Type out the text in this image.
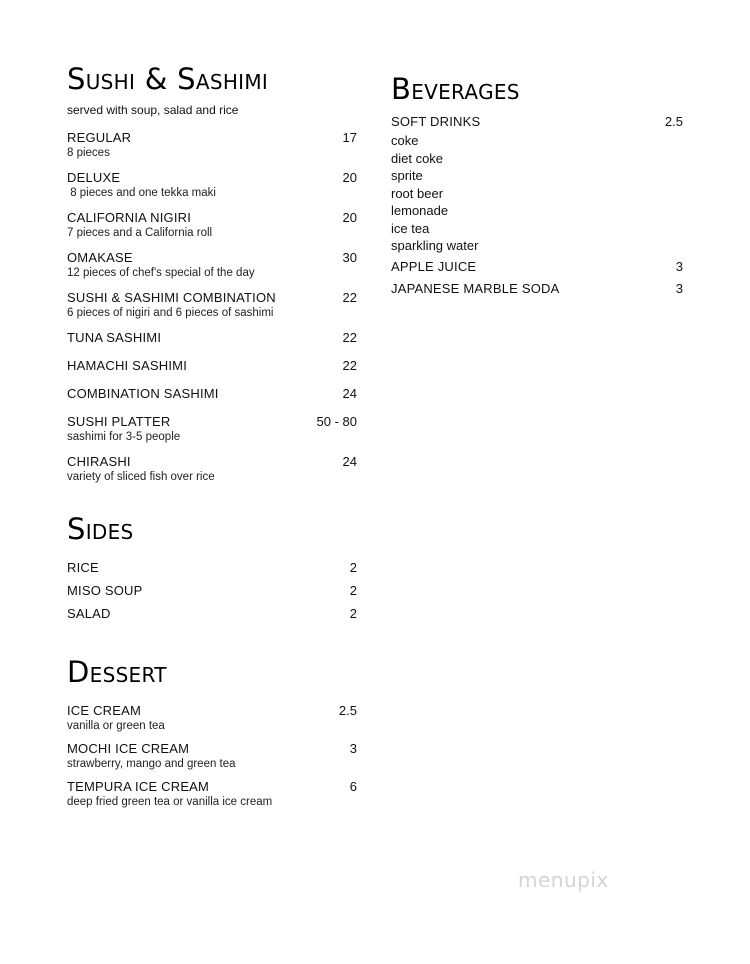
Sushi & Sashimi
served with soup, salad and rice
REGULAR	17
8 pieces
DELUXE	20
8 pieces and one tekka maki
CALIFORNIA NIGIRI	20
7 pieces and a California roll
OMAKASE	30
12 pieces of chef's special of the day
SUSHI & SASHIMI COMBINATION	22
6 pieces of nigiri and 6 pieces of sashimi
TUNA SASHIMI	22
HAMACHI SASHIMI	22
COMBINATION SASHIMI	24
SUSHI PLATTER	50 - 80
sashimi for 3-5 people
CHIRASHI	24
variety of sliced fish over rice
Sides
RICE	2
MISO SOUP	2
SALAD	2
Dessert
ICE CREAM	2.5
vanilla or green tea
MOCHI ICE CREAM	3
strawberry, mango and green tea
TEMPURA ICE CREAM	6
deep fried green tea or vanilla ice cream
Beverages
SOFT DRINKS	2.5
coke
diet coke
sprite
root beer
lemonade
ice tea
sparkling water
APPLE JUICE	3
JAPANESE MARBLE SODA	3
menupix
